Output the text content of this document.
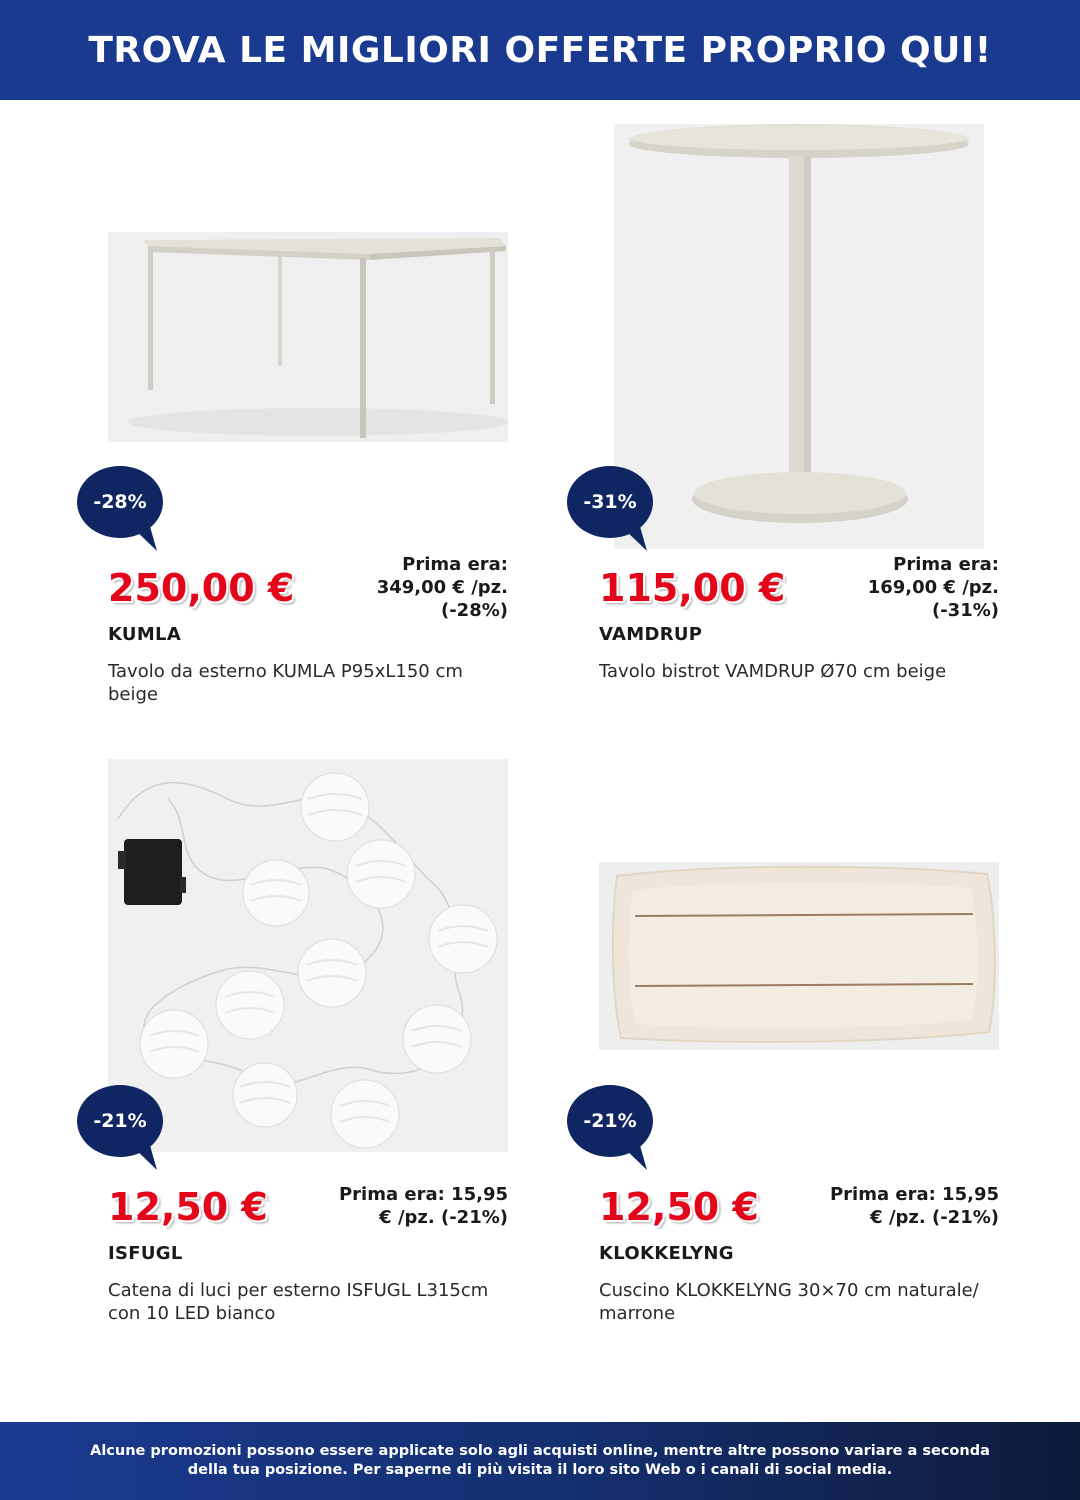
TROVA LE MIGLIORI OFFERTE PROPRIO QUI!
-28%
250,00 €
Prima era:
349,00 € /pz.
(-28%)
KUMLA
Tavolo da esterno KUMLA P95xL150 cm
beige
-31%
115,00 €
Prima era:
169,00 € /pz.
(-31%)
VAMDRUP
Tavolo bistrot VAMDRUP Ø70 cm beige
-21%
12,50 €	Prima era: 15,95
€ /pz. (-21%)
ISFUGL
Catena di luci per esterno ISFUGL L315cm
con 10 LED bianco
-21%
12,50 €	Prima era: 15,95
€ /pz. (-21%)
KLOKKELYNG
Cuscino KLOKKELYNG 30×70 cm naturale/
marrone

Alcune promozioni possono essere applicate solo agli acquisti online, mentre altre possono variare a seconda
della tua posizione. Per saperne di più visita il loro sito Web o i canali di social media.
